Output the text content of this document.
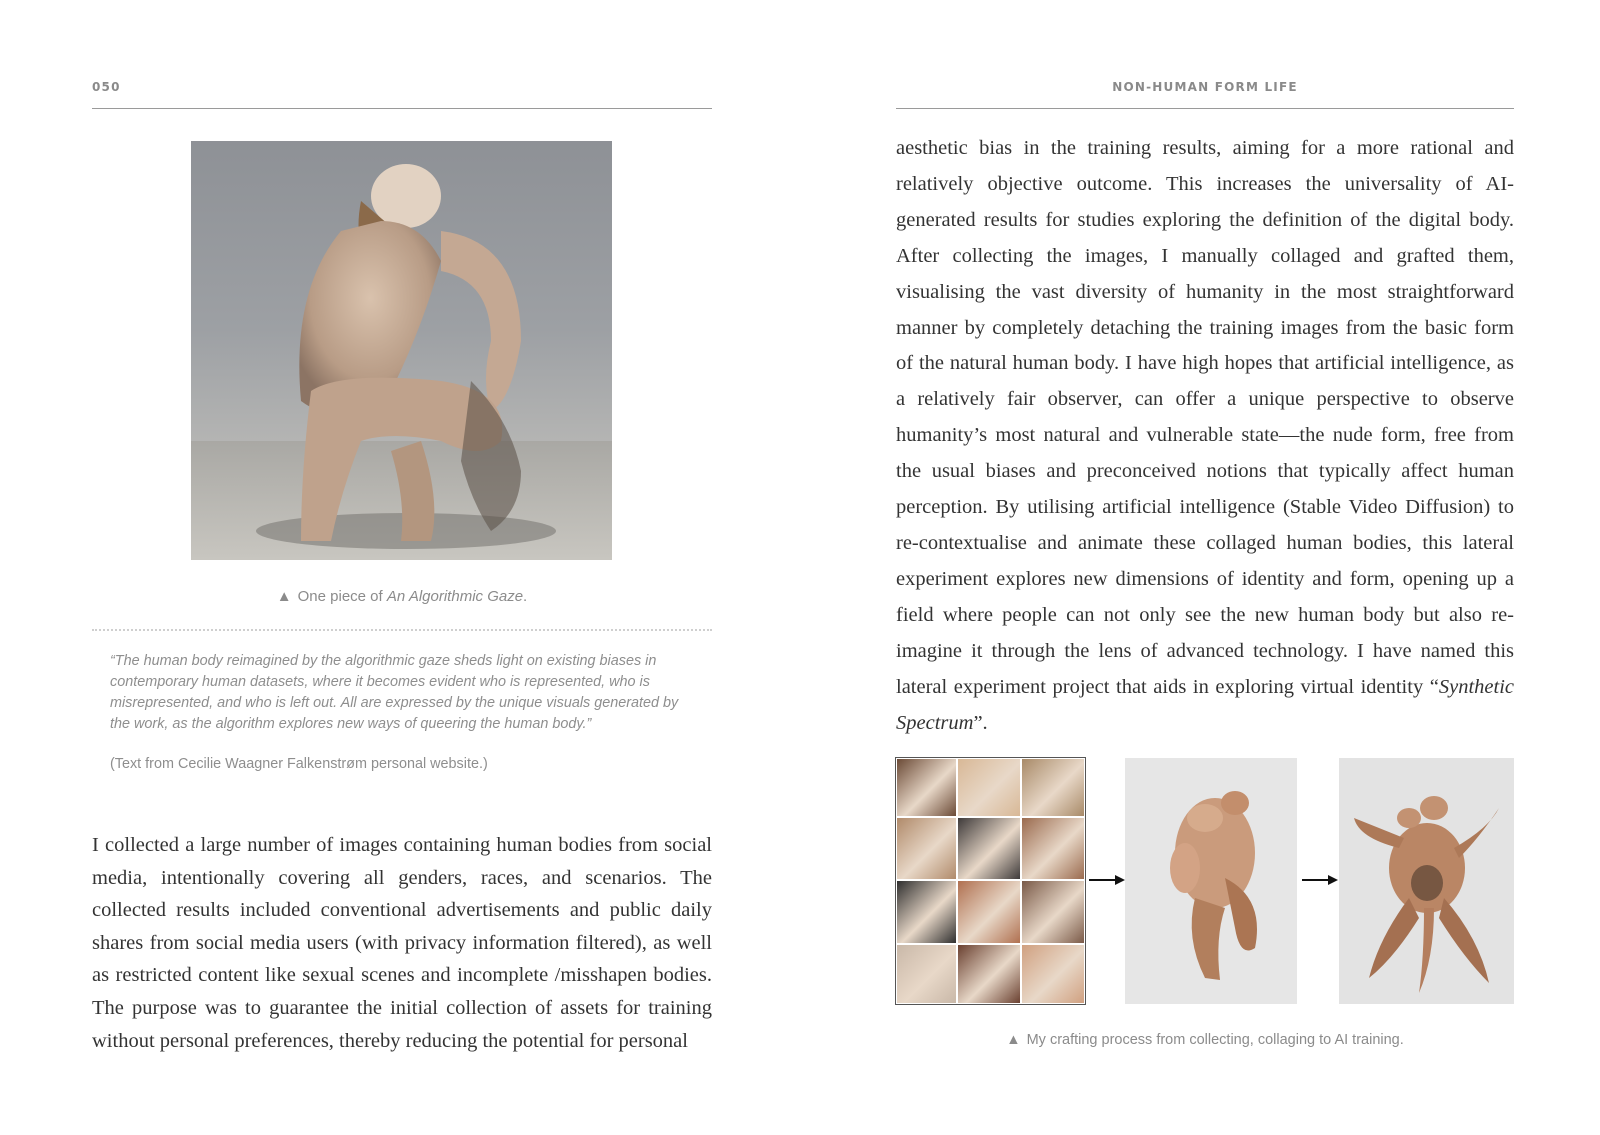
050
▲ One piece of An Algorithmic Gaze.

“The human body reimagined by the algorithmic gaze sheds light on existing biases in contemporary human datasets, where it becomes evident who is represented, who is misrepresented, and who is left out. All are expressed by the unique visuals generated by the work, as the algorithm explores new ways of queering the human body.”

(Text from Cecilie Waagner Falkenstrøm personal website.)

I collected a large number of images containing human bodies from social media, intentionally covering all genders, races, and scenarios. The collected results included conventional advertisements and public daily shares from social media users (with privacy information filtered), as well as restricted content like sexual scenes and incomplete /misshapen bodies. The purpose was to guarantee the initial collection of assets for training without personal preferences, thereby reducing the potential for personal

NON-HUMAN FORM LIFE

aesthetic bias in the training results, aiming for a more rational and relatively objective outcome. This increases the universality of AI-generated results for studies exploring the definition of the digital body. After collecting the images, I manually collaged and grafted them, visualising the vast diversity of humanity in the most straightforward manner by completely detaching the training images from the basic form of the natural human body. I have high hopes that artificial intelligence, as a relatively fair observer, can offer a unique perspective to observe humanity’s most natural and vulnerable state—the nude form, free from the usual biases and preconceived notions that typically affect human perception. By utilising artificial intelligence (Stable Video Diffusion) to re-contextualise and animate these collaged human bodies, this lateral experiment explores new dimensions of identity and form, opening up a field where people can not only see the new human body but also re-imagine it through the lens of advanced technology. I have named this lateral experiment project that aids in exploring virtual identity “Synthetic Spectrum”.

▲ My crafting process from collecting, collaging to AI training.
